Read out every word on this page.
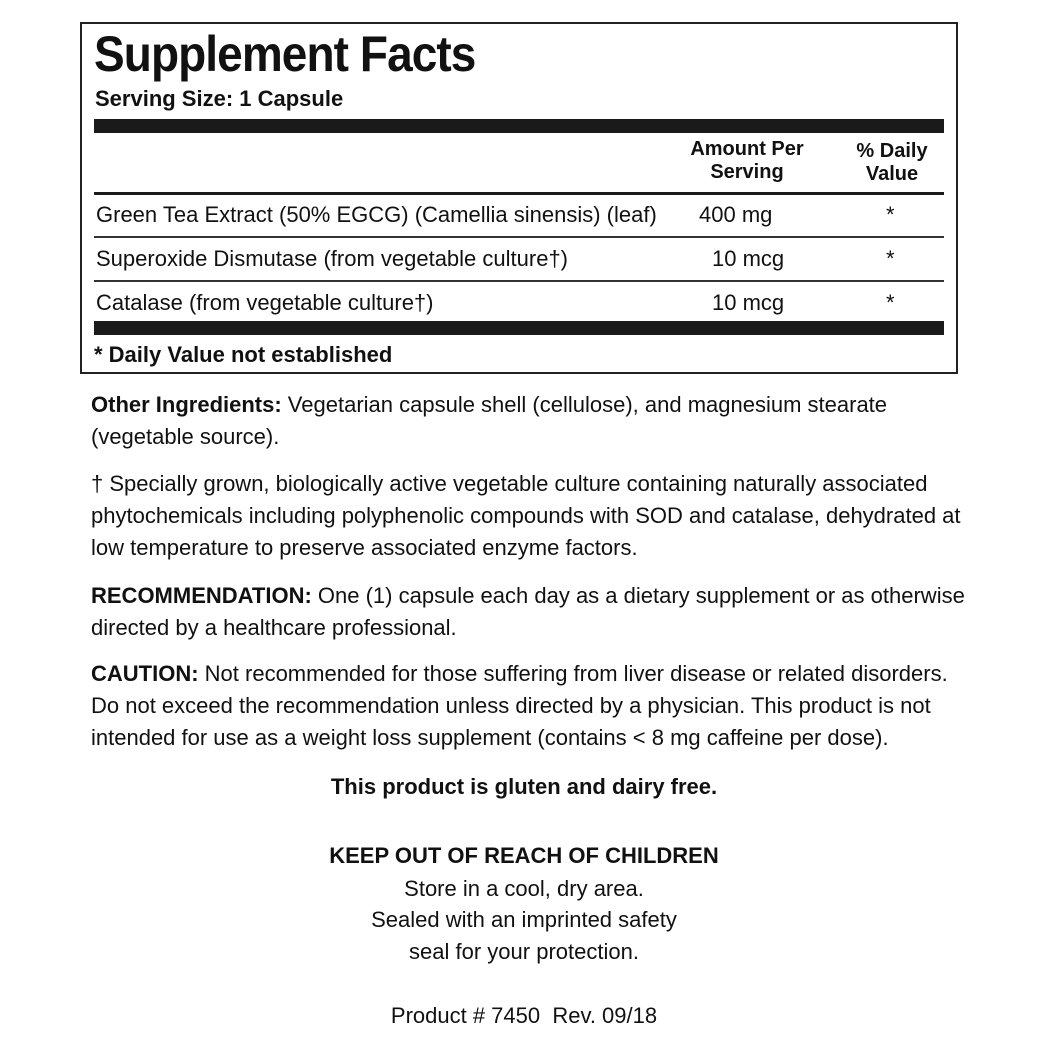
Supplement Facts
Serving Size: 1 Capsule
Amount Per
Serving
% Daily
Value
Green Tea Extract (50% EGCG) (Camellia sinensis) (leaf) 400 mg	*
Superoxide Dismutase (from vegetable culture†)	10 mcg	*
Catalase (from vegetable culture†)	10 mcg	*
* Daily Value not established

Other Ingredients: Vegetarian capsule shell (cellulose), and magnesium stearate (vegetable source).

† Specially grown, biologically active vegetable culture containing naturally associated phytochemicals including polyphenolic compounds with SOD and catalase, dehydrated at low temperature to preserve associated enzyme factors.

RECOMMENDATION: One (1) capsule each day as a dietary supplement or as otherwise directed by a healthcare professional.

CAUTION: Not recommended for those suffering from liver disease or related disorders. Do not exceed the recommendation unless directed by a physician. This product is not intended for use as a weight loss supplement (contains < 8 mg caffeine per dose).

This product is gluten and dairy free.
KEEP OUT OF REACH OF CHILDREN
Store in a cool, dry area.
Sealed with an imprinted safety
seal for your protection.
Product # 7450  Rev. 09/18
